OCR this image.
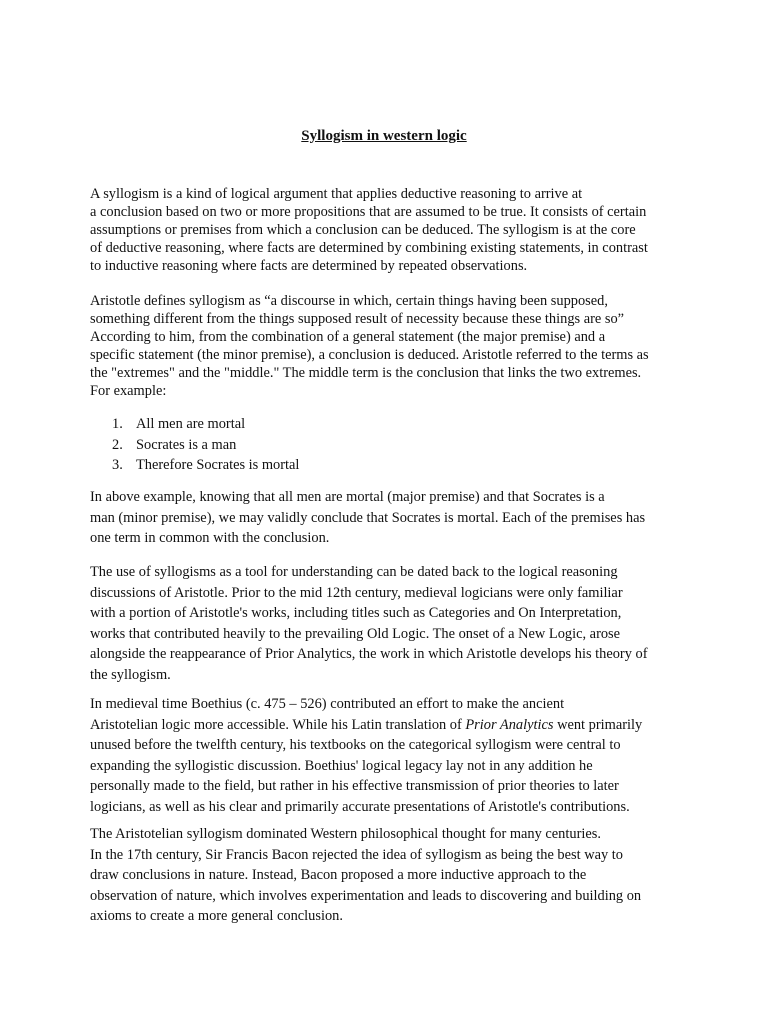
Syllogism in western logic

A syllogism is a kind of logical argument that applies deductive reasoning to arrive at
a conclusion based on two or more propositions that are assumed to be true. It consists of certain
assumptions or premises from which a conclusion can be deduced. The syllogism is at the core
of deductive reasoning, where facts are determined by combining existing statements, in contrast
to inductive reasoning where facts are determined by repeated observations.

Aristotle defines syllogism as “a discourse in which, certain things having been supposed,
something different from the things supposed result of necessity because these things are so”
According to him, from the combination of a general statement (the major premise) and a
specific statement (the minor premise), a conclusion is deduced. Aristotle referred to the terms as
the "extremes" and the "middle." The middle term is the conclusion that links the two extremes.
For example:

1. All men are mortal
2. Socrates is a man
3. Therefore Socrates is mortal

In above example, knowing that all men are mortal (major premise) and that Socrates is a
man (minor premise), we may validly conclude that Socrates is mortal. Each of the premises has
one term in common with the conclusion.

The use of syllogisms as a tool for understanding can be dated back to the logical reasoning
discussions of Aristotle. Prior to the mid 12th century, medieval logicians were only familiar
with a portion of Aristotle's works, including titles such as Categories and On Interpretation,
works that contributed heavily to the prevailing Old Logic. The onset of a New Logic, arose
alongside the reappearance of Prior Analytics, the work in which Aristotle develops his theory of
the syllogism.

In medieval time Boethius (c. 475 – 526) contributed an effort to make the ancient
Aristotelian logic more accessible. While his Latin translation of Prior Analytics went primarily
unused before the twelfth century, his textbooks on the categorical syllogism were central to
expanding the syllogistic discussion. Boethius' logical legacy lay not in any addition he
personally made to the field, but rather in his effective transmission of prior theories to later
logicians, as well as his clear and primarily accurate presentations of Aristotle's contributions.

The Aristotelian syllogism dominated Western philosophical thought for many centuries.
In the 17th century, Sir Francis Bacon rejected the idea of syllogism as being the best way to
draw conclusions in nature. Instead, Bacon proposed a more inductive approach to the
observation of nature, which involves experimentation and leads to discovering and building on
axioms to create a more general conclusion.
